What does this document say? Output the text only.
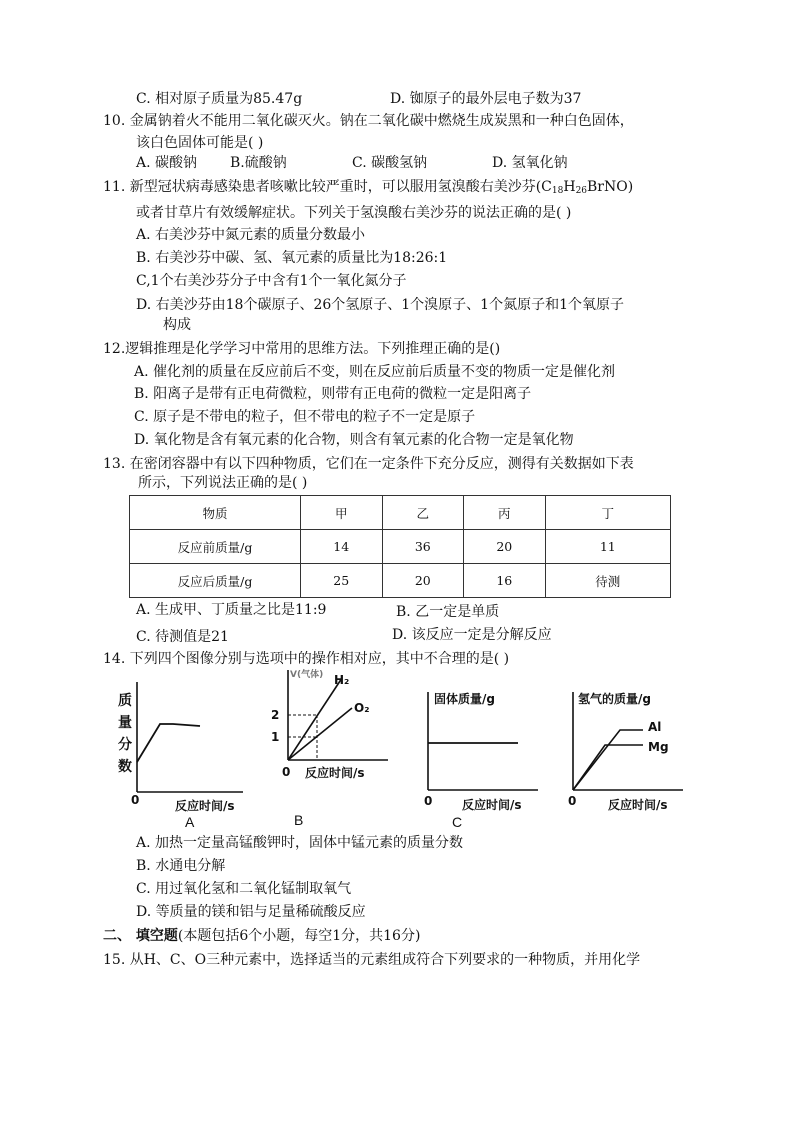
C. 相对原子质量为85.47g	D. 铷原子的最外层电子数为37
10. 金属钠着火不能用二氧化碳灭火。钠在二氧化碳中燃烧生成炭黑和一种白色固体，
该白色固体可能是( )
A. 碳酸钠 B.硫酸钠	C. 碳酸氢钠	D. 氢氧化钠
11. 新型冠状病毒感染患者咳嗽比较严重时，可以服用氢溴酸右美沙芬$(C_{18}H_{26}BrNO)$
或者甘草片有效缓解症状。下列关于氢溴酸右美沙芬的说法正确的是( )
A. 右美沙芬中氮元素的质量分数最小
B. 右美沙芬中碳、氢、氧元素的质量比为18:26:1
C,1个右美沙芬分子中含有1个一氧化氮分子
D. 右美沙芬由18个碳原子、26个氢原子、1个溴原子、1个氮原子和1个氧原子
构成
12.逻辑推理是化学学习中常用的思维方法。下列推理正确的是()
A. 催化剂的质量在反应前后不变，则在反应前后质量不变的物质一定是催化剂
B. 阳离子是带有正电荷微粒，则带有正电荷的微粒一定是阳离子
C. 原子是不带电的粒子，但不带电的粒子不一定是原子
D. 氧化物是含有氧元素的化合物，则含有氧元素的化合物一定是氧化物
13. 在密闭容器中有以下四种物质，它们在一定条件下充分反应，测得有关数据如下表
所示，下列说法正确的是( )
物质	甲	乙	丙	丁
反应前质量/g	14	36	20	11
反应后质量/g	25	20	16	待测
A. 生成甲、丁质量之比是11:9	B. 乙一定是单质
C. 待测值是21	D. 该反应一定是分解反应
14. 下列四个图像分别与选项中的操作相对应，其中不合理的是( )
质
量
分
数
0	反应时间/s
A
V(气体) H₂
O₂
2
1
0 反应时间/s
B
固体质量/g
0 反应时间/s
C
氢气的质量/g
Al
Mg
0	反应时间/s
A. 加热一定量高锰酸钾时，固体中锰元素的质量分数
B. 水通电分解
C. 用过氧化氢和二氧化锰制取氧气
D. 等质量的镁和铝与足量稀硫酸反应
二、 填空题(本题包括6个小题，每空1分，共16分)
15. 从H、C、O三种元素中，选择适当的元素组成符合下列要求的一种物质，并用化学
